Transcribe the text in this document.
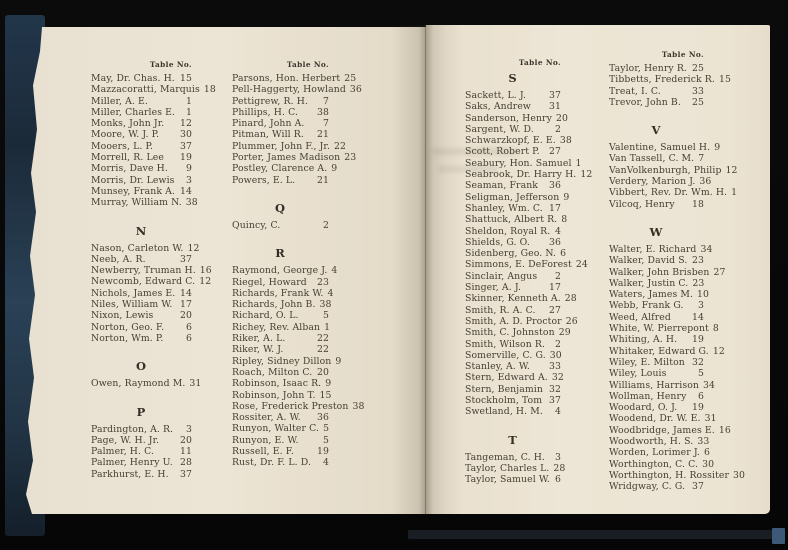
Table No.
May, Dr. Chas. H. 15
Mazzacoratti, Marquis 18
Miller, A. E.	1
Miller, Charles E. 1
Monks, John Jr. 12
Moore, W. J. P. 30
Mooers, L. P.	37
Morrell, R. Lee 19
Morris, Dave H. 9
Morris, Dr. Lewis 3
Munsey, Frank A. 14
Murray, William N. 38
N
Nason, Carleton W. 12
Neeb, A. R.	37
Newberry, Truman H. 16
Newcomb, Edward C. 12
Nichols, James E. 14
Niles, William W. 17
Nixon, Lewis	20
Norton, Geo. F. 6
Norton, Wm. P. 6
O
Owen, Raymond M. 31
P
Pardington, A. R. 3
Page, W. H. Jr. 20
Palmer, H. C.	11
Palmer, Henry U. 28
Parkhurst, E. H. 37
Table No.
Parsons, Hon. Herbert 25
Pell-Haggerty, Howland 36
Pettigrew, R. H. 7
Phillips, H. C. 38
Pinard, John A. 7
Pitman, Will R. 21
Plummer, John F., Jr. 22
Porter, James Madison 23
Postley, Clarence A. 9
Powers, E. L. 21
Q
Quincy, C.	2
R
Raymond, George J. 4
Riegel, Howard 23
Richards, Frank W. 4
Richards, John B. 38
Richard, O. L.	5
Richey, Rev. Alban 1
Riker, A. L.	22
Riker, W. J.	22
Ripley, Sidney Dillon 9
Roach, Milton C. 20
Robinson, Isaac R. 9
Robinson, John T. 15
Rose, Frederick Preston 38
Rossiter, A. W. 36
Runyon, Walter C. 5
Runyon, E. W.	5
Russell, E. F. 19
Rust, Dr. F. L. D. 4
Table No.
S
Sackett, L. J. 37
Saks, Andrew 31
Sanderson, Henry 20
Sargent, W. D. 2
Schwarzkopf, E. E. 38
Scott, Robert P. 27
Seabury, Hon. Samuel 1
Seabrook, Dr. Harry H. 12
Seaman, Frank 36
Seligman, Jefferson 9
Shanley, Wm. C. 17
Shattuck, Albert R. 8
Sheldon, Royal R. 4
Shields, G. O. 36
Sidenberg, Geo. N. 6
Simmons, E. DeForest 24
Sinclair, Angus 2
Singer, A. J.	17
Skinner, Kenneth A. 28
Smith, R. A. C. 27
Smith, A. D. Proctor 26
Smith, C. Johnston 29
Smith, Wilson R. 2
Somerville, C. G. 30
Stanley, A. W. 33
Stern, Edward A. 32
Stern, Benjamin 32
Stockholm, Tom 37
Swetland, H. M. 4
T
Tangeman, C. H. 3
Taylor, Charles L. 28
Taylor, Samuel W. 6
Table No.
Taylor, Henry R. 25
Tibbetts, Frederick R. 15
Treat, I. C.	33
Trevor, John B. 25
V
Valentine, Samuel H. 9
Van Tassell, C. M. 7
VanVolkenburgh, Philip 12
Verdery, Marion J. 36
Vibbert, Rev. Dr. Wm. H. 1
Vilcoq, Henry 18
W
Walter, E. Richard 34
Walker, David S. 23
Walker, John Brisben 27
Walker, Justin C. 23
Waters, James M. 10
Webb, Frank G. 3
Weed, Alfred 14
White, W. Pierrepont 8
Whiting, A. H. 19
Whitaker, Edward G. 12
Wiley, E. Milton 32
Wiley, Louis	5
Williams, Harrison 34
Wollman, Henry 6
Woodard, O. J. 19
Woodend, Dr. W. E. 31
Woodbridge, James E. 16
Woodworth, H. S. 33
Worden, Lorimer J. 6
Worthington, C. C. 30
Worthington, H. Rossiter 30
Wridgway, C. G. 37
